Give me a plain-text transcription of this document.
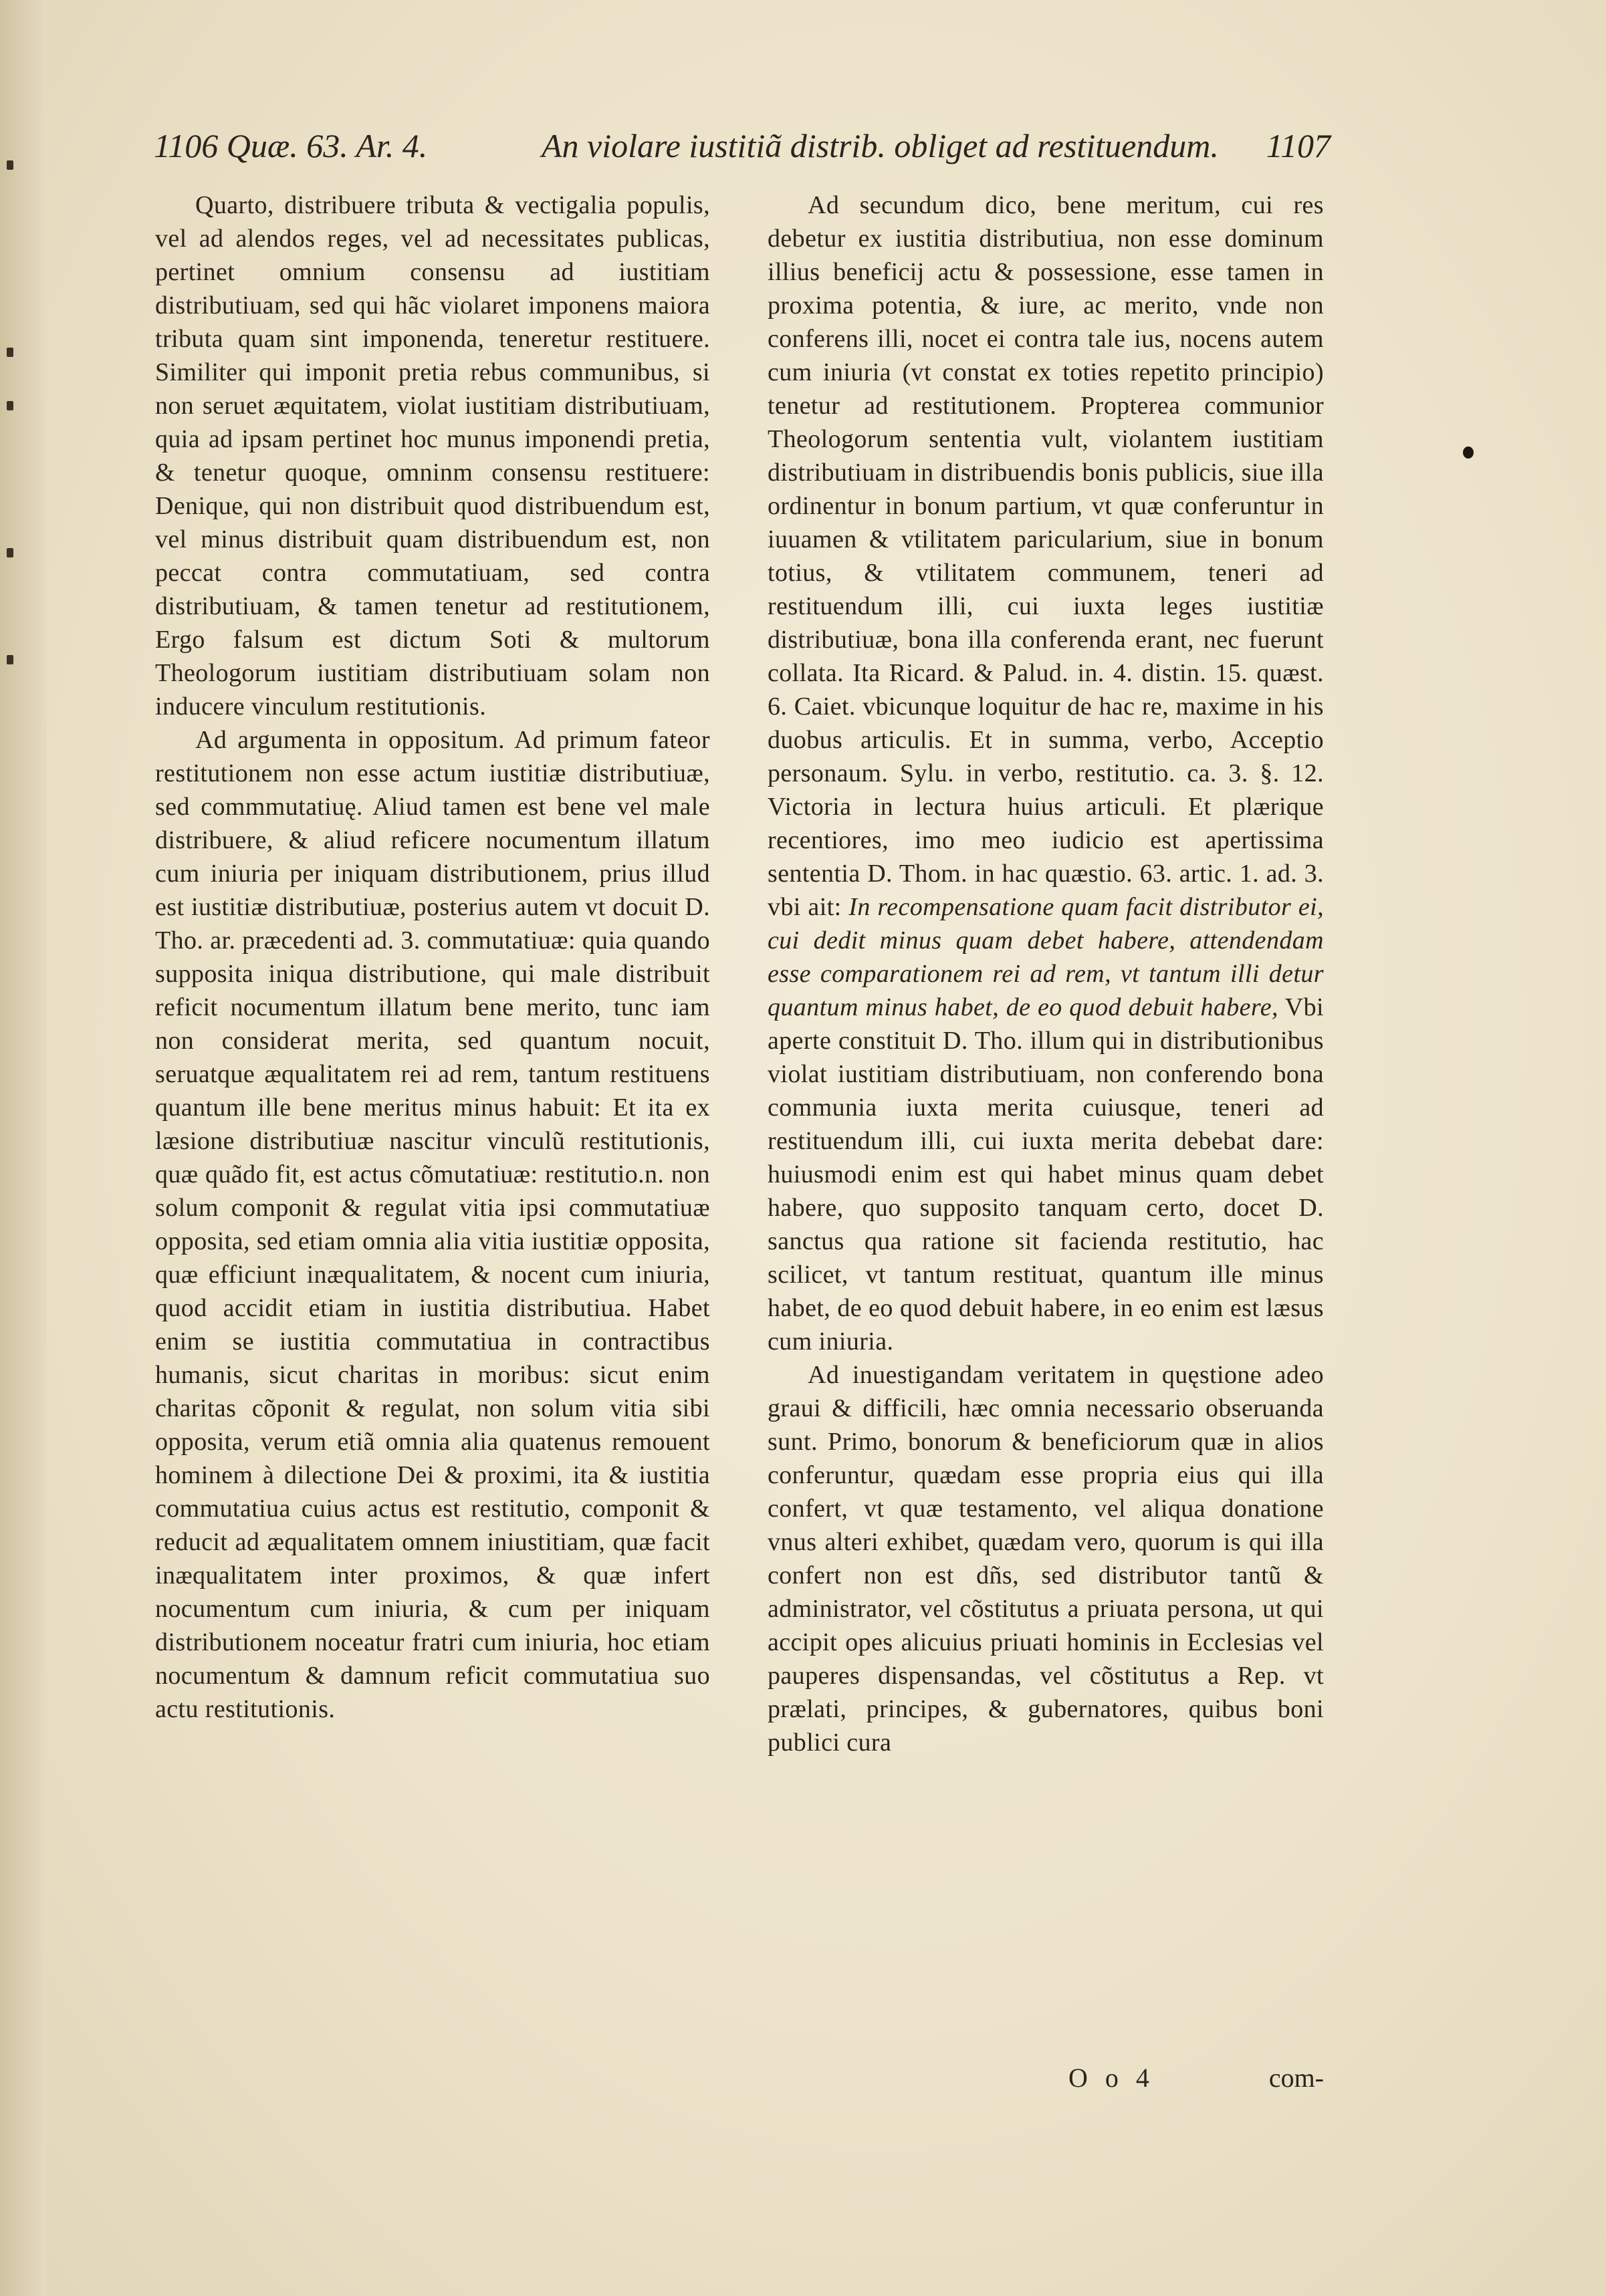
1106 Quæ. 63. Ar. 4.	An violare iustitiã distrib. obliget ad restituendum. 1107

Quarto, distribuere tributa & vectigalia populis, vel ad alendos reges, vel ad necessitates publicas, pertinet omnium consensu ad iustitiam distributiuam, sed qui hãc violaret imponens maiora tributa quam sint imponenda, teneretur restituere. Similiter qui imponit pretia rebus communibus, si non seruet æquitatem, violat iustitiam distributiuam, quia ad ipsam pertinet hoc munus imponendi pretia, & tenetur quoque, omninm consensu restituere: Denique, qui non distribuit quod distribuendum est, vel minus distribuit quam distribuendum est, non peccat contra commutatiuam, sed contra distributiuam, & tamen tenetur ad restitutionem, Ergo falsum est dictum Soti & multorum Theologorum iustitiam distributiuam solam non inducere vinculum restitutionis.

Ad argumenta in oppositum. Ad primum fateor restitutionem non esse actum iustitiæ distributiuæ, sed commmutatiuę. Aliud tamen est bene vel male distribuere, & aliud reficere nocumentum illatum cum iniuria per iniquam distributionem, prius illud est iustitiæ distributiuæ, posterius autem vt docuit D. Tho. ar. præcedenti ad. 3. commutatiuæ: quia quando supposita iniqua distributione, qui male distribuit reficit nocumentum illatum bene merito, tunc iam non considerat merita, sed quantum nocuit, seruatque æqualitatem rei ad rem, tantum restituens quantum ille bene meritus minus habuit: Et ita ex læsione distributiuæ nascitur vinculũ restitutionis, quæ quãdo fit, est actus cõmutatiuæ: restitutio.n. non solum componit & regulat vitia ipsi commutatiuæ opposita, sed etiam omnia alia vitia iustitiæ opposita, quæ efficiunt inæqualitatem, & nocent cum iniuria, quod accidit etiam in iustitia distributiua. Habet enim se iustitia commutatiua in contractibus humanis, sicut charitas in moribus: sicut enim charitas cõponit & regulat, non solum vitia sibi opposita, verum etiã omnia alia quatenus remouent hominem à dilectione Dei & proximi, ita & iustitia commutatiua cuius actus est restitutio, componit & reducit ad æqualitatem omnem iniustitiam, quæ facit inæqualitatem inter proximos, & quæ infert nocumentum cum iniuria, & cum per iniquam distributionem noceatur fratri cum iniuria, hoc etiam nocumentum & damnum reficit commutatiua suo actu restitutionis.

Ad secundum dico, bene meritum, cui res debetur ex iustitia distributiua, non esse dominum illius beneficij actu & possessione, esse tamen in proxima potentia, & iure, ac merito, vnde non conferens illi, nocet ei contra tale ius, nocens autem cum iniuria (vt constat ex toties repetito principio) tenetur ad restitutionem. Propterea communior Theologorum sententia vult, violantem iustitiam distributiuam in distribuendis bonis publicis, siue illa ordinentur in bonum partium, vt quæ conferuntur in iuuamen & vtilitatem paricularium, siue in bonum totius, & vtilitatem communem, teneri ad restituendum illi, cui iuxta leges iustitiæ distributiuæ, bona illa conferenda erant, nec fuerunt collata. Ita Ricard. & Palud. in. 4. distin. 15. quæst. 6. Caiet. vbicunque loquitur de hac re, maxime in his duobus articulis. Et in summa, verbo, Acceptio personaum. Sylu. in verbo, restitutio. ca. 3. §. 12. Victoria in lectura huius articuli. Et plærique recentiores, imo meo iudicio est apertissima sententia D. Thom. in hac quæstio. 63. artic. 1. ad. 3. vbi ait: In recompensatione quam facit distributor ei, cui dedit minus quam debet habere, attendendam esse comparationem rei ad rem, vt tantum illi detur quantum minus habet, de eo quod debuit habere, Vbi aperte constituit D. Tho. illum qui in distributionibus violat iustitiam distributiuam, non conferendo bona communia iuxta merita cuiusque, teneri ad restituendum illi, cui iuxta merita debebat dare: huiusmodi enim est qui habet minus quam debet habere, quo supposito tanquam certo, docet D. sanctus qua ratione sit facienda restitutio, hac scilicet, vt tantum restituat, quantum ille minus habet, de eo quod debuit habere, in eo enim est læsus cum iniuria.

Ad inuestigandam veritatem in quęstione adeo graui & difficili, hæc omnia necessario obseruanda sunt. Primo, bonorum & beneficiorum quæ in alios conferuntur, quædam esse propria eius qui illa confert, vt quæ testamento, vel aliqua donatione vnus alteri exhibet, quædam vero, quorum is qui illa confert non est dñs, sed distributor tantũ & administrator, vel cõstitutus a priuata persona, ut qui accipit opes alicuius priuati hominis in Ecclesias vel pauperes dispensandas, vel cõstitutus a Rep. vt prælati, principes, & gubernatores, quibus boni publici cura

O o 4	com-
